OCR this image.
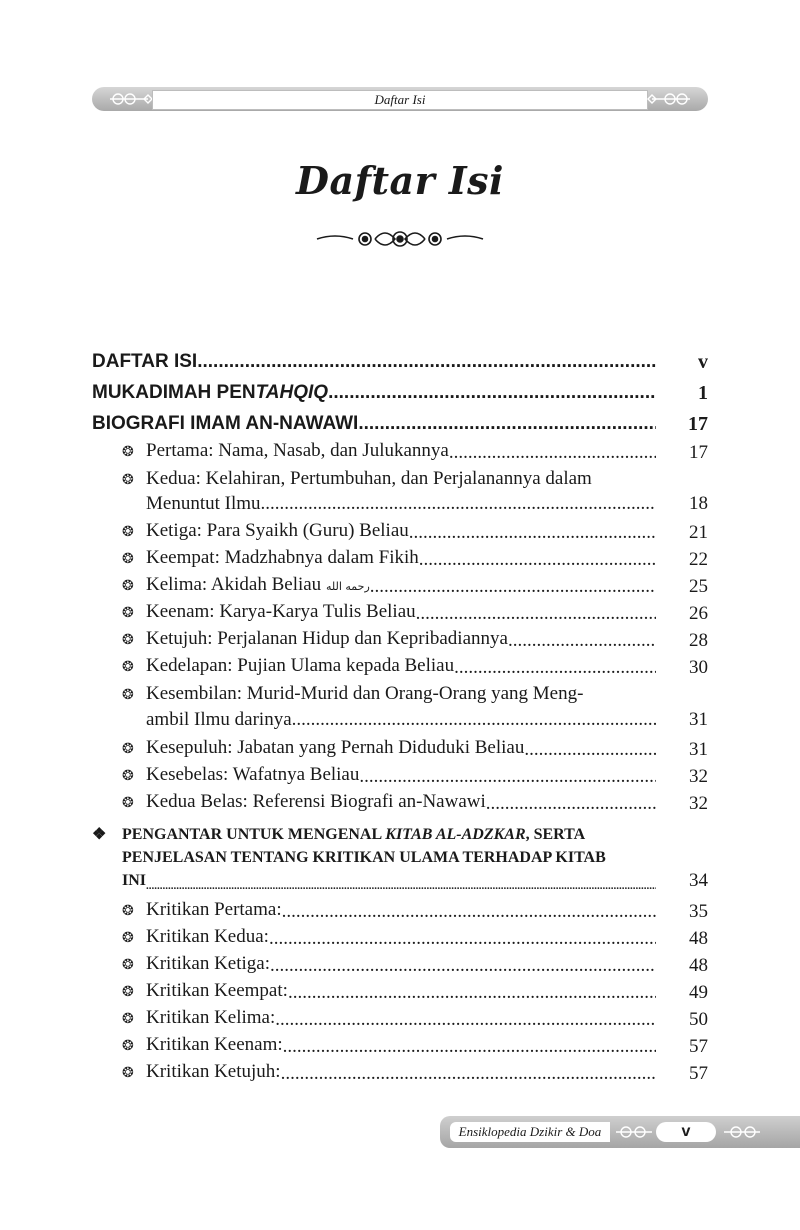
Daftar Isi
Daftar Isi
DAFTAR ISI .....	v
MUKADIMAH PENTAHQIQ .....	1
BIOGRAFI IMAM AN-NAWAWI .....	17
❂ Pertama: Nama, Nasab, dan Julukannya .....	17
❂ Kedua: Kelahiran, Pertumbuhan, dan Perjalanannya dalam
Menuntut Ilmu .....	18
❂ Ketiga: Para Syaikh (Guru) Beliau .....	21
❂ Keempat: Madzhabnya dalam Fikih .....	22
❂ Kelima: Akidah Beliau رحمه الله .....	25
❂ Keenam: Karya-Karya Tulis Beliau .....	26
❂ Ketujuh: Perjalanan Hidup dan Kepribadiannya .....	28
❂ Kedelapan: Pujian Ulama kepada Beliau .....	30
❂ Kesembilan: Murid-Murid dan Orang-Orang yang Meng-
ambil Ilmu darinya .....	31
❂ Kesepuluh: Jabatan yang Pernah Diduduki Beliau .....	31
❂ Kesebelas: Wafatnya Beliau .....	32
❂ Kedua Belas: Referensi Biografi an-Nawawi .....	32
❖ PENGANTAR UNTUK MENGENAL KITAB AL-ADZKAR, SERTA
PENJELASAN TENTANG KRITIKAN ULAMA TERHADAP KITAB
INI .....	34
❂ Kritikan Pertama: .....	35
❂ Kritikan Kedua: .....	48
❂ Kritikan Ketiga: .....	48
❂ Kritikan Keempat: .....	49
❂ Kritikan Kelima: .....	50
❂ Kritikan Keenam: .....	57
❂ Kritikan Ketujuh: .....	57
Ensiklopedia Dzikir & Doa	v
